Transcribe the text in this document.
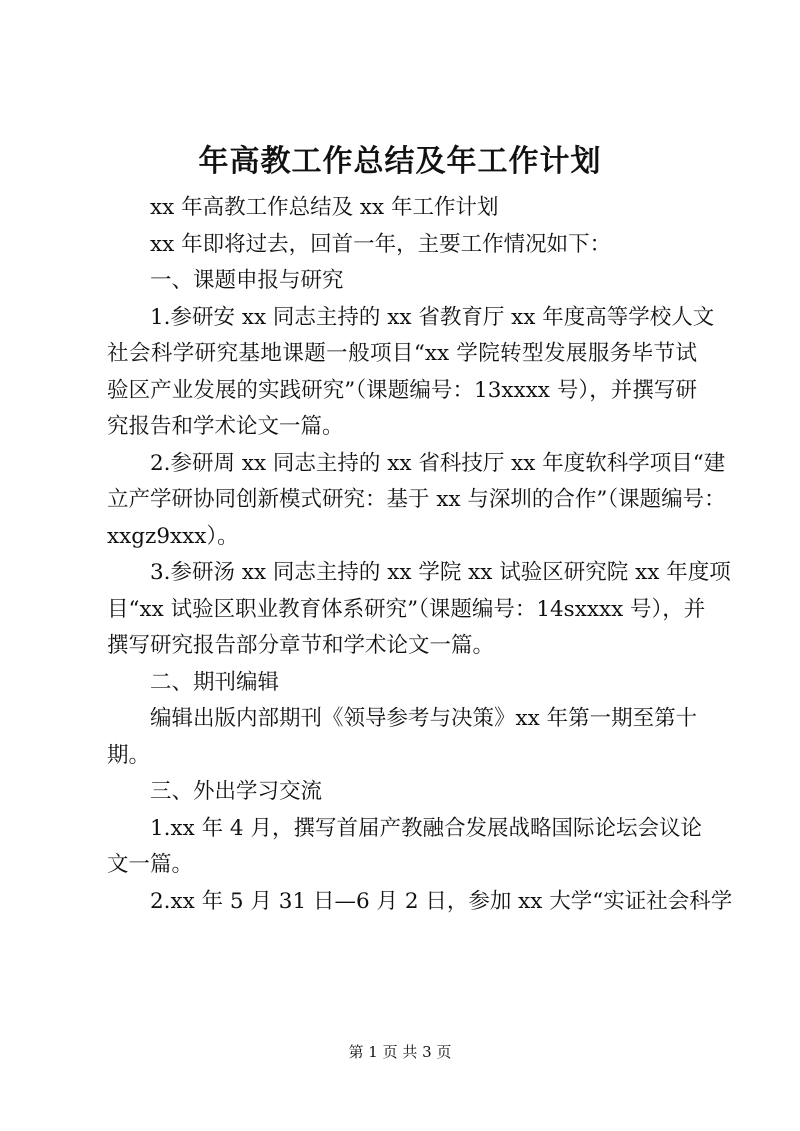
年高教工作总结及年工作计划
xx 年高教工作总结及 xx 年工作计划
xx 年即将过去，回首一年，主要工作情况如下：
一、课题申报与研究
1.参研安 xx 同志主持的 xx 省教育厅 xx 年度高等学校人文
社会科学研究基地课题一般项目“xx 学院转型发展服务毕节试
验区产业发展的实践研究”（课题编号：13xxxx 号），并撰写研
究报告和学术论文一篇。
2.参研周 xx 同志主持的 xx 省科技厅 xx 年度软科学项目“建
立产学研协同创新模式研究：基于 xx 与深圳的合作”（课题编号：
xxgz9xxx）。
3.参研汤 xx 同志主持的 xx 学院 xx 试验区研究院 xx 年度项
目“xx 试验区职业教育体系研究”（课题编号：14sxxxx 号），并
撰写研究报告部分章节和学术论文一篇。
二、期刊编辑
编辑出版内部期刊《领导参考与决策》xx 年第一期至第十
期。
三、外出学习交流
1.xx 年 4 月，撰写首届产教融合发展战略国际论坛会议论
文一篇。
2.xx 年 5 月 31 日—6 月 2 日，参加 xx 大学“实证社会科学
第 1 页 共 3 页
